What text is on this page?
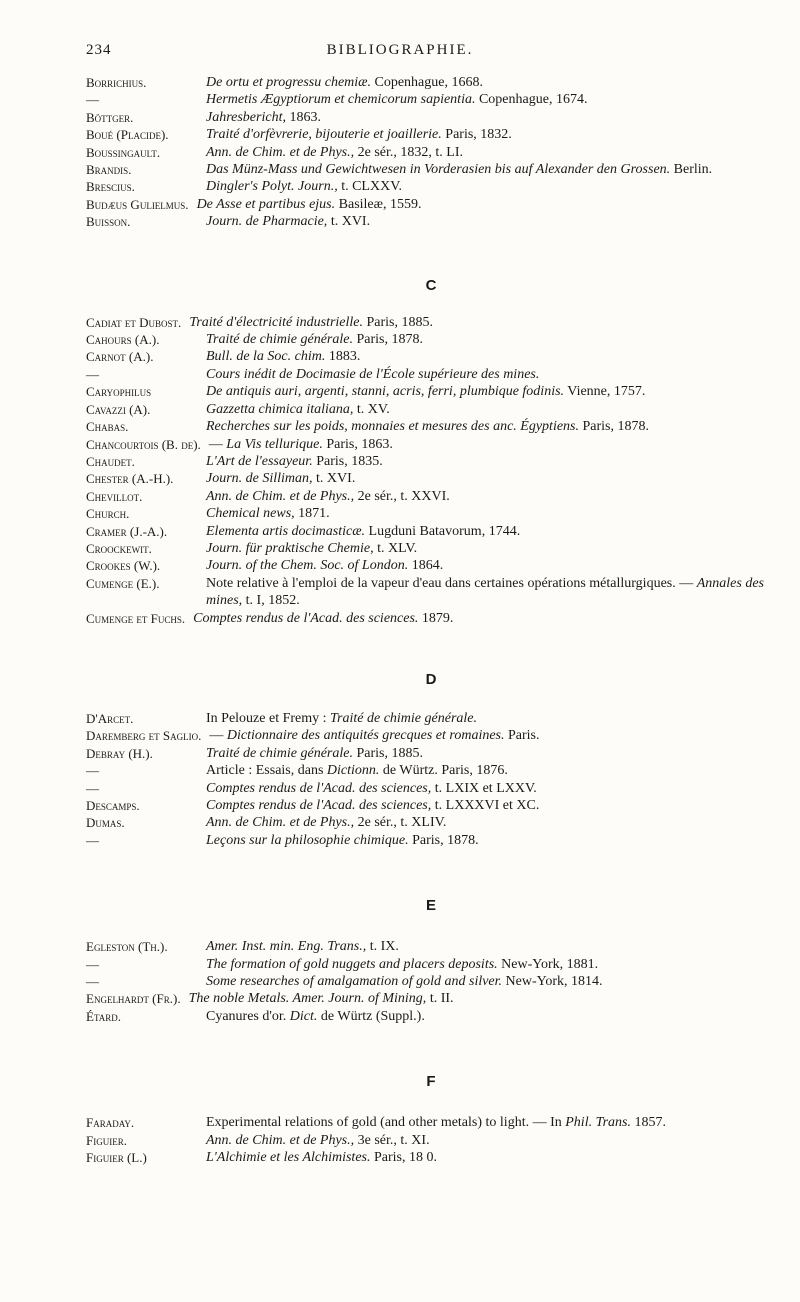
234	BIBLIOGRAPHIE.
Borrichius.	De ortu et progressu chemiæ. Copenhague, 1668.
—	Hermetis Ægyptiorum et chemicorum sapientia. Copenhague, 1674.
Böttger.	Jahresbericht, 1863.
Boué (Placide).	Traité d'orfèvrerie, bijouterie et joaillerie. Paris, 1832.
Boussingault.	Ann. de Chim. et de Phys., 2e sér., 1832, t. LI.
Brandis.	Das Münz-Mass und Gewichtwesen in Vorderasien bis auf Alexander den Grossen. Berlin.
Brescius.	Dingler's Polyt. Journ., t. CLXXV.
Budæus Gulielmus. De Asse et partibus ejus. Basileæ, 1559.
Buisson.	Journ. de Pharmacie, t. XVI.
C
Cadiat et Dubost. Traité d'électricité industrielle. Paris, 1885.
Cahours (A.).	Traité de chimie générale. Paris, 1878.
Carnot (A.).	Bull. de la Soc. chim. 1883.
—	Cours inédit de Docimasie de l'École supérieure des mines.
Caryophilus	De antiquis auri, argenti, stanni, acris, ferri, plumbique fodinis. Vienne, 1757.
Cavazzi (A).	Gazzetta chimica italiana, t. XV.
Chabas.	Recherches sur les poids, monnaies et mesures des anc. Égyptiens. Paris, 1878.
Chancourtois (B. de). — La Vis tellurique. Paris, 1863.
Chaudet.	L'Art de l'essayeur. Paris, 1835.
Chester (A.-H.).	Journ. de Silliman, t. XVI.
Chevillot.	Ann. de Chim. et de Phys., 2e sér., t. XXVI.
Church.	Chemical news, 1871.
Cramer (J.-A.).	Elementa artis docimasticæ. Lugduni Batavorum, 1744.
Croockewit.	Journ. für praktische Chemie, t. XLV.
Crookes (W.).	Journ. of the Chem. Soc. of London. 1864.
Cumenge (E.).	Note relative à l'emploi de la vapeur d'eau dans certaines opérations métallurgiques. — Annales des mines, t. I, 1852.
Cumenge et Fuchs. Comptes rendus de l'Acad. des sciences. 1879.
D
D'Arcet.	In Pelouze et Fremy : Traité de chimie générale.
Daremberg et Saglio. — Dictionnaire des antiquités grecques et romaines. Paris.
Debray (H.).	Traité de chimie générale. Paris, 1885.
—	Article : Essais, dans Dictionn. de Würtz. Paris, 1876.
—	Comptes rendus de l'Acad. des sciences, t. LXIX et LXXV.
Descamps.	Comptes rendus de l'Acad. des sciences, t. LXXXVI et XC.
Dumas.	Ann. de Chim. et de Phys., 2e sér., t. XLIV.
—	Leçons sur la philosophie chimique. Paris, 1878.
E
Egleston (Th.).	Amer. Inst. min. Eng. Trans., t. IX.
—	The formation of gold nuggets and placers deposits. New-York, 1881.
—	Some researches of amalgamation of gold and silver. New-York, 1814.
Engelhardt (Fr.). The noble Metals. Amer. Journ. of Mining, t. II.
Étard.	Cyanures d'or. Dict. de Würtz (Suppl.).
F
Faraday.	Experimental relations of gold (and other metals) to light. — In Phil. Trans. 1857.
Figuier.	Ann. de Chim. et de Phys., 3e sér., t. XI.
Figuier (L.)	L'Alchimie et les Alchimistes. Paris, 18 0.
